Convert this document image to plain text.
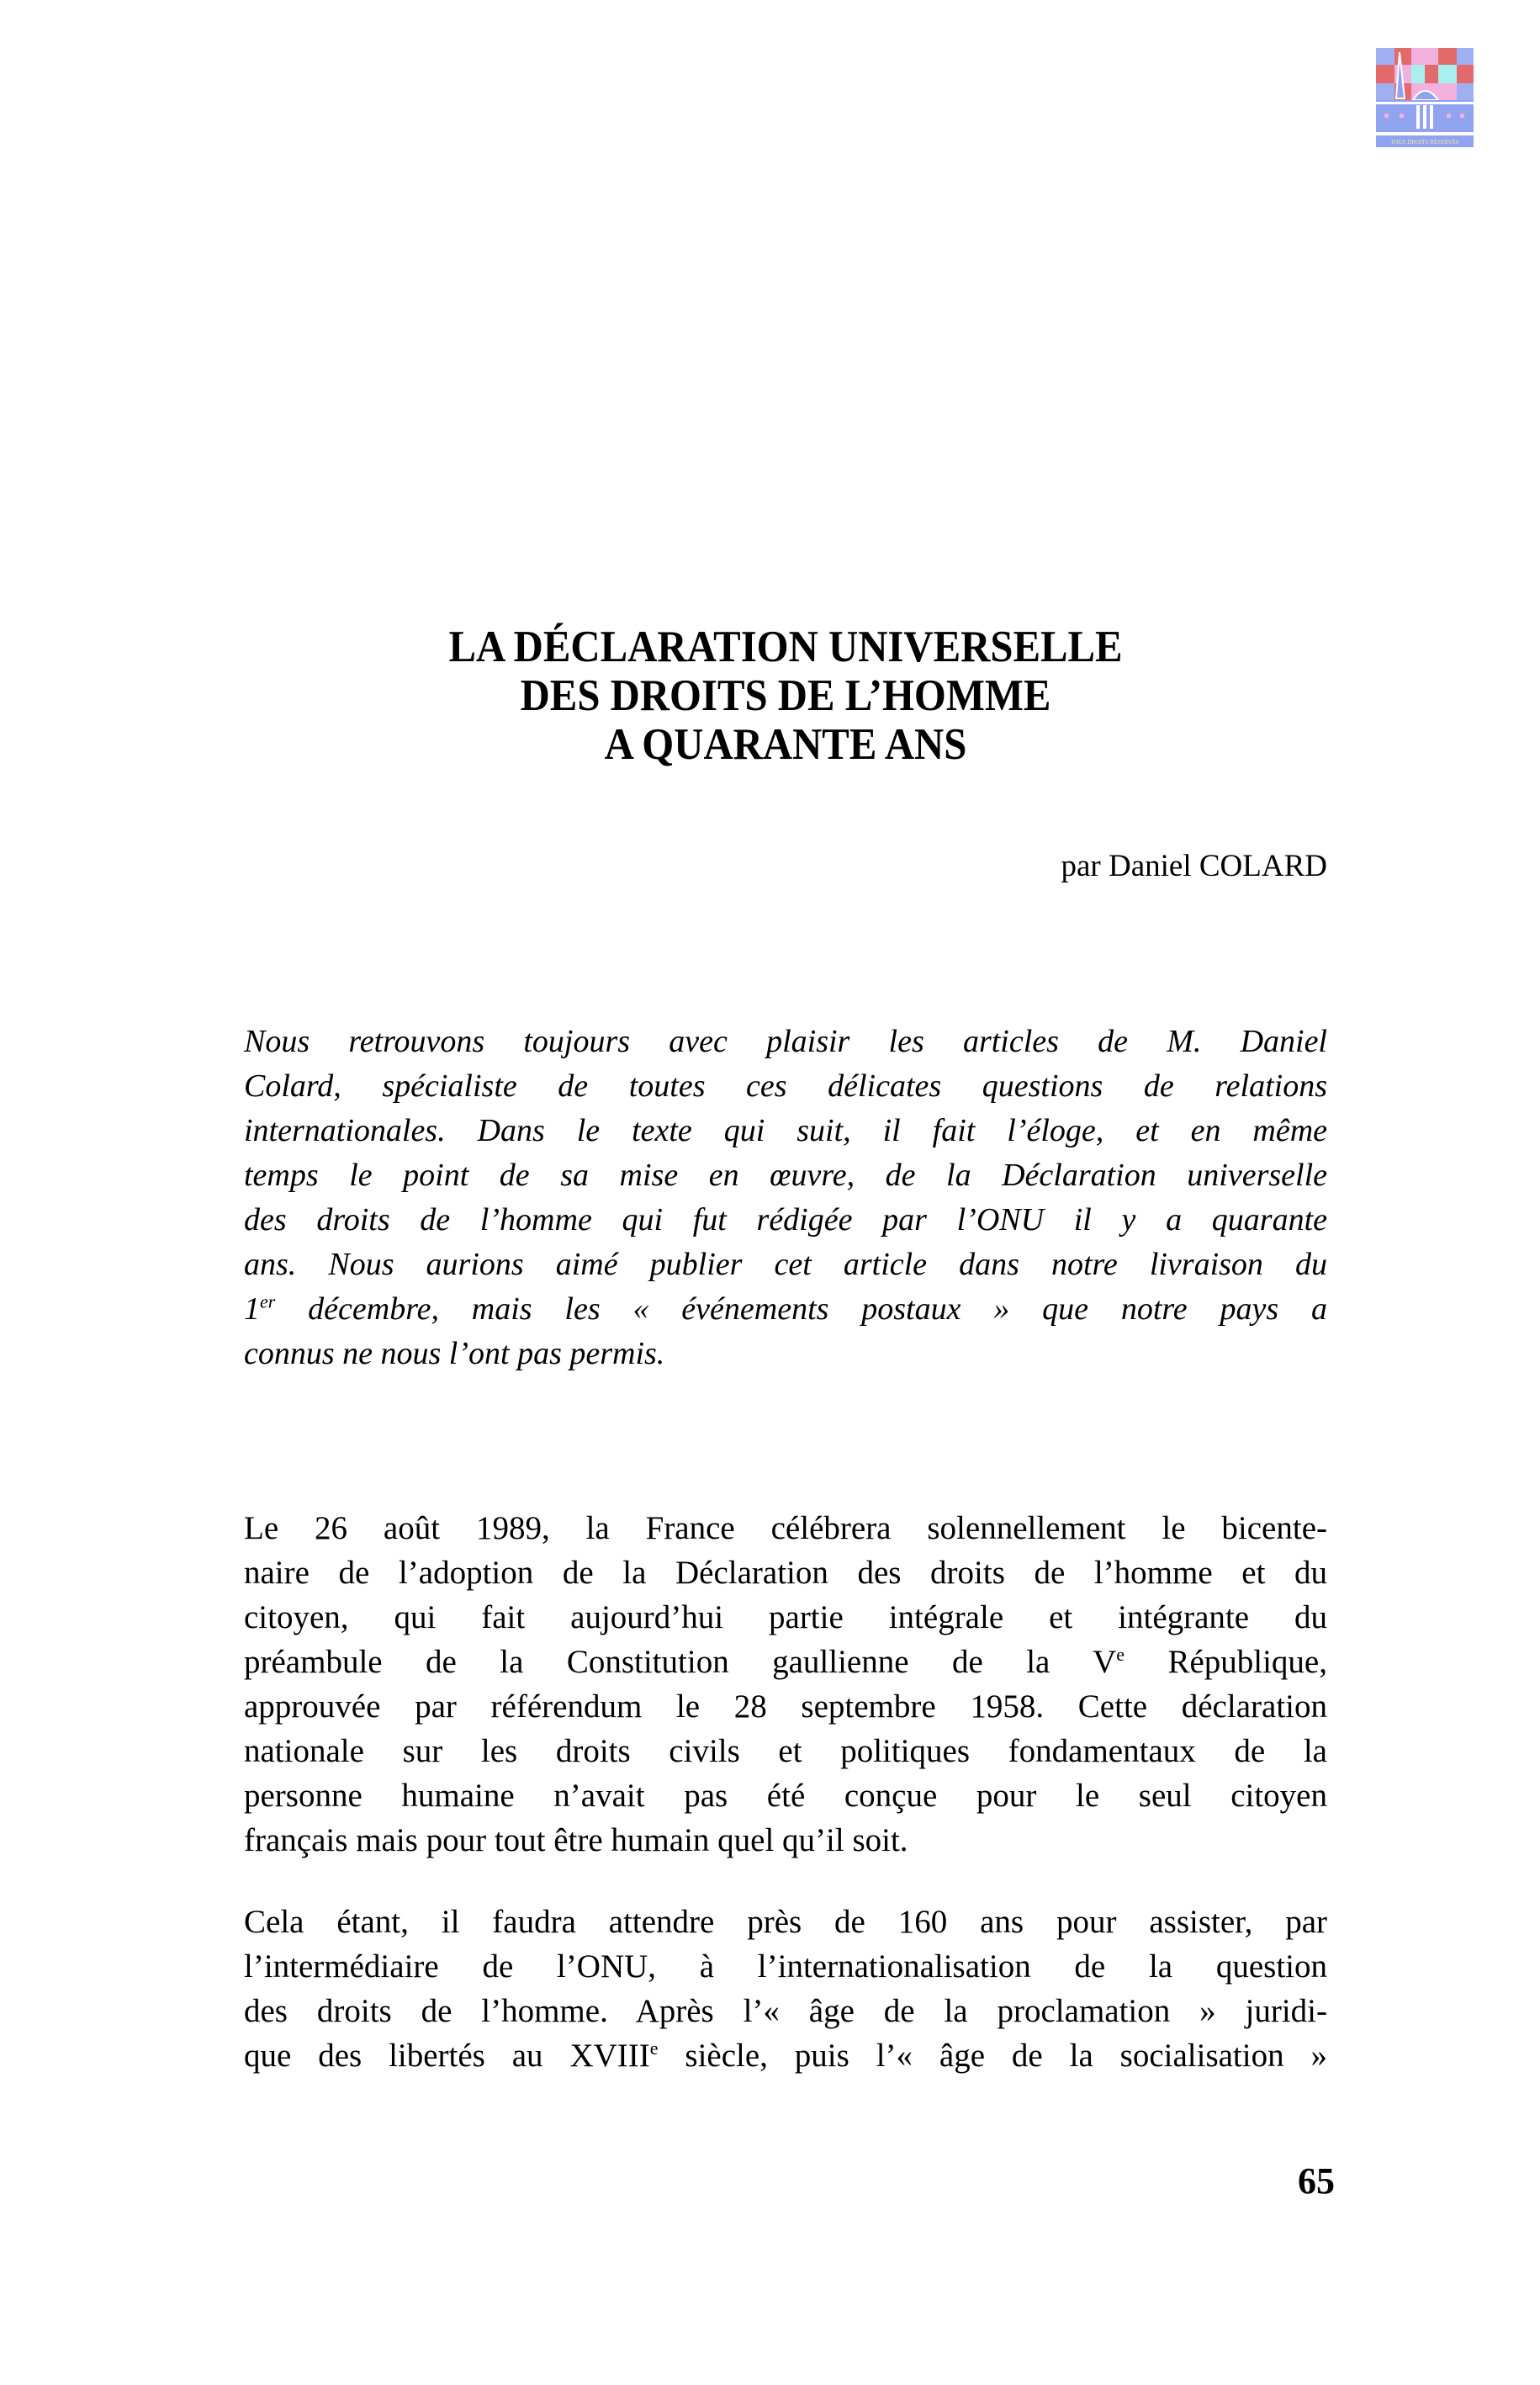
TOUS DROITS RÉSERVÉS
LA DÉCLARATION UNIVERSELLE
DES DROITS DE L’HOMME
A QUARANTE ANS
par Daniel COLARD
Nous retrouvons toujours avec plaisir les articles de M. Daniel
Colard, spécialiste de toutes ces délicates questions de relations
internationales. Dans le texte qui suit, il fait l’éloge, et en même
temps le point de sa mise en œuvre, de la Déclaration universelle
des droits de l’homme qui fut rédigée par l’ONU il y a quarante
ans. Nous aurions aimé publier cet article dans notre livraison du
1er décembre, mais les « événements postaux » que notre pays a
connus ne nous l’ont pas permis.
Le 26 août 1989, la France célébrera solennellement le bicente-
naire de l’adoption de la Déclaration des droits de l’homme et du
citoyen, qui fait aujourd’hui partie intégrale et intégrante du
préambule de la Constitution gaullienne de la Ve République,
approuvée par référendum le 28 septembre 1958. Cette déclaration
nationale sur les droits civils et politiques fondamentaux de la
personne humaine n’avait pas été conçue pour le seul citoyen
français mais pour tout être humain quel qu’il soit.
Cela étant, il faudra attendre près de 160 ans pour assister, par
l’intermédiaire de l’ONU, à l’internationalisation de la question
des droits de l’homme. Après l’« âge de la proclamation » juridi-
que des libertés au XVIIIe siècle, puis l’« âge de la socialisation »
65
